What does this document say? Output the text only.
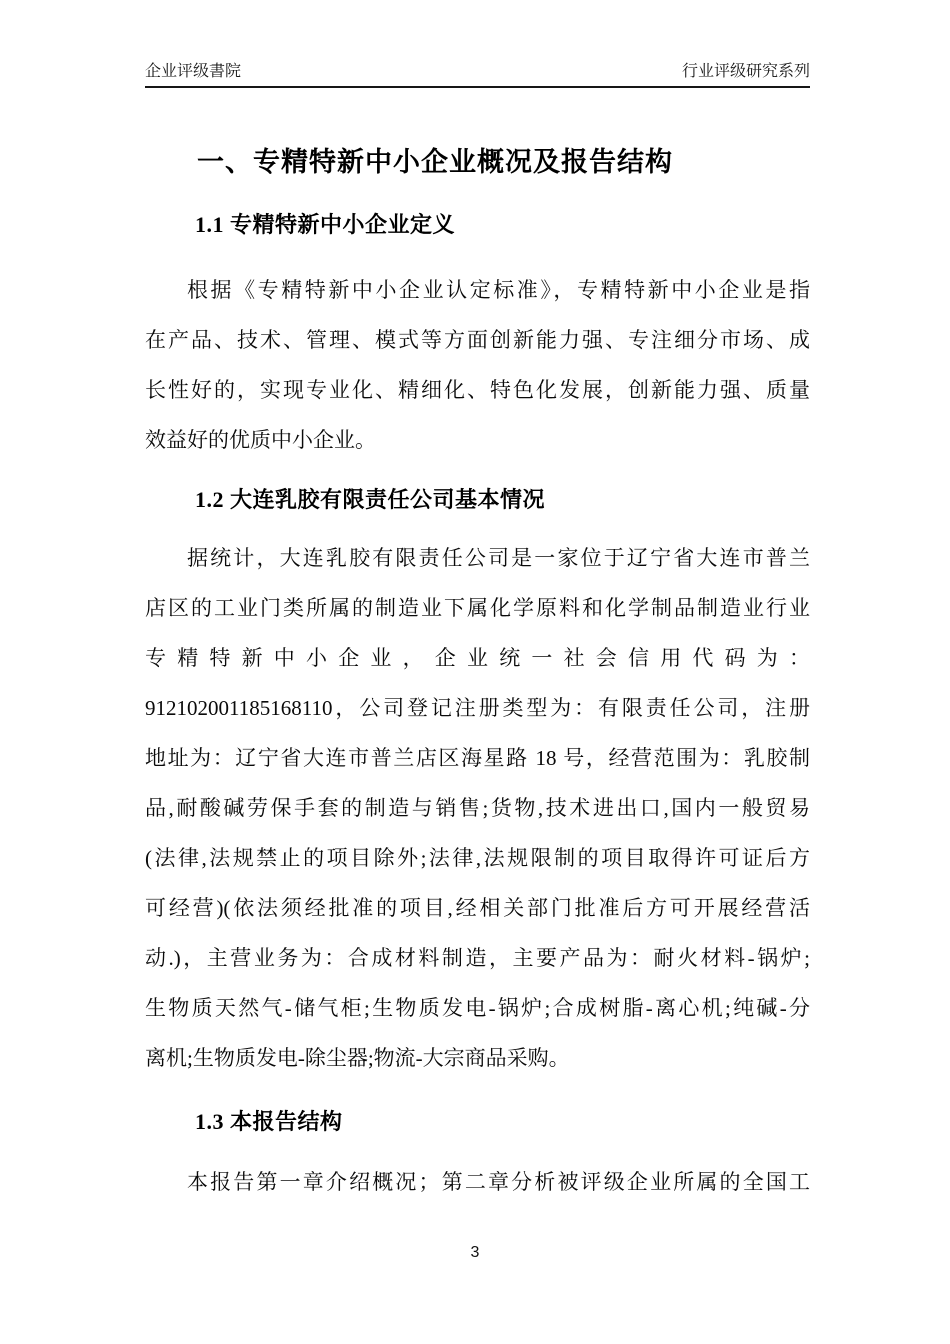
企业评级書院	行业评级研究系列
一、专精特新中小企业概况及报告结构
1.1 专精特新中小企业定义
根据《专精特新中小企业认定标准》，专精特新中小企业是指
在产品、技术、管理、模式等方面创新能力强、专注细分市场、成
长性好的，实现专业化、精细化、特色化发展，创新能力强、质量
效益好的优质中小企业。
1.2 大连乳胶有限责任公司基本情况
据统计，大连乳胶有限责任公司是一家位于辽宁省大连市普兰
店区的工业门类所属的制造业下属化学原料和化学制品制造业行业
专精特新中小企业，企业统一社会信用代码为：
912102001185168110，公司登记注册类型为：有限责任公司，注册
地址为：辽宁省大连市普兰店区海星路 18 号，经营范围为：乳胶制
品,耐酸碱劳保手套的制造与销售;货物,技术进出口,国内一般贸易
(法律,法规禁止的项目除外;法律,法规限制的项目取得许可证后方
可经营)(依法须经批准的项目,经相关部门批准后方可开展经营活
动.)，主营业务为：合成材料制造，主要产品为：耐火材料-锅炉;
生物质天然气-储气柜;生物质发电-锅炉;合成树脂-离心机;纯碱-分
离机;生物质发电-除尘器;物流-大宗商品采购。
1.3 本报告结构
本报告第一章介绍概况；第二章分析被评级企业所属的全国工
3
